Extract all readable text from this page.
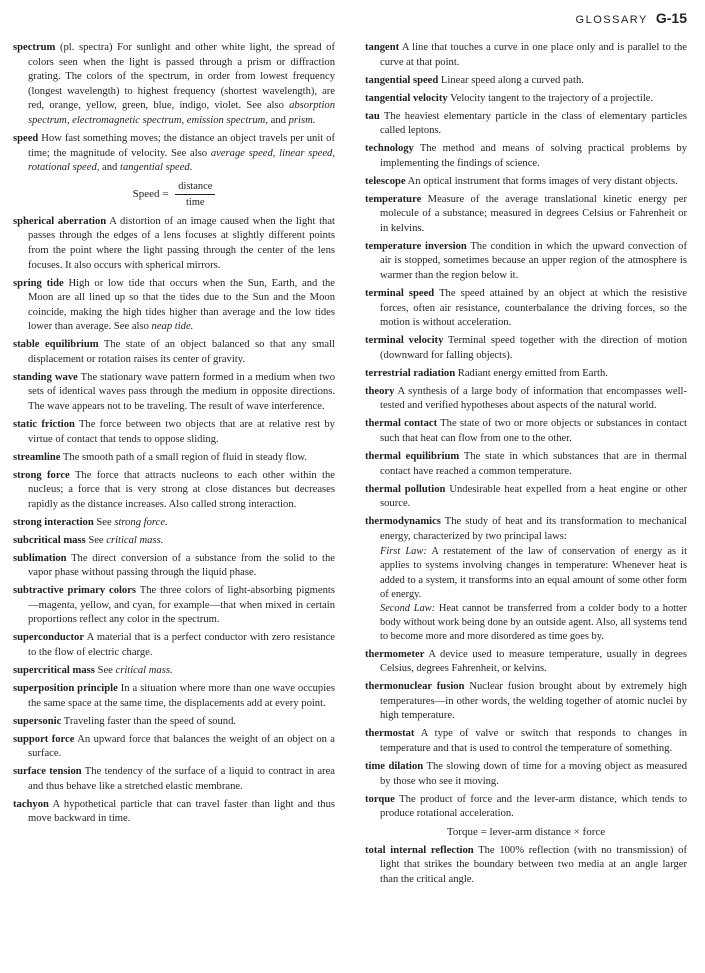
GLOSSARY G-15

spectrum (pl. spectra) For sunlight and other white light, the spread of colors seen when the light is passed through a prism or diffraction grating. The colors of the spectrum, in order from lowest frequency (longest wavelength) to highest frequency (shortest wavelength), are red, orange, yellow, green, blue, indigo, violet. See also absorption spectrum, electromagnetic spectrum, emission spectrum, and prism.

speed How fast something moves; the distance an object travels per unit of time; the magnitude of velocity. See also average speed, linear speed, rotational speed, and tangential speed.

Speed = $\frac{\text{distance}}{\text{time}}$

spherical aberration A distortion of an image caused when the light that passes through the edges of a lens focuses at slightly different points from the point where the light passing through the center of the lens focuses. It also occurs with spherical mirrors.

spring tide High or low tide that occurs when the Sun, Earth, and the Moon are all lined up so that the tides due to the Sun and the Moon coincide, making the high tides higher than average and the low tides lower than average. See also neap tide.

stable equilibrium The state of an object balanced so that any small displacement or rotation raises its center of gravity.

standing wave The stationary wave pattern formed in a medium when two sets of identical waves pass through the medium in opposite directions. The wave appears not to be traveling. The result of wave interference.

static friction The force between two objects that are at relative rest by virtue of contact that tends to oppose sliding.

streamline The smooth path of a small region of fluid in steady flow.

strong force The force that attracts nucleons to each other within the nucleus; a force that is very strong at close distances but decreases rapidly as the distance increases. Also called strong interaction.

strong interaction See strong force.

subcritical mass See critical mass.

sublimation The direct conversion of a substance from the solid to the vapor phase without passing through the liquid phase.

subtractive primary colors The three colors of light-absorbing pigments—magenta, yellow, and cyan, for example—that when mixed in certain proportions reflect any color in the spectrum.

superconductor A material that is a perfect conductor with zero resistance to the flow of electric charge.

supercritical mass See critical mass.

superposition principle In a situation where more than one wave occupies the same space at the same time, the displacements add at every point.

supersonic Traveling faster than the speed of sound.

support force An upward force that balances the weight of an object on a surface.

surface tension The tendency of the surface of a liquid to contract in area and thus behave like a stretched elastic membrane.

tachyon A hypothetical particle that can travel faster than light and thus move backward in time.

tangent A line that touches a curve in one place only and is parallel to the curve at that point.

tangential speed Linear speed along a curved path.

tangential velocity Velocity tangent to the trajectory of a projectile.

tau The heaviest elementary particle in the class of elementary particles called leptons.

technology The method and means of solving practical problems by implementing the findings of science.

telescope An optical instrument that forms images of very distant objects.

temperature Measure of the average translational kinetic energy per molecule of a substance; measured in degrees Celsius or Fahrenheit or in kelvins.

temperature inversion The condition in which the upward convection of air is stopped, sometimes because an upper region of the atmosphere is warmer than the region below it.

terminal speed The speed attained by an object at which the resistive forces, often air resistance, counterbalance the driving forces, so the motion is without acceleration.

terminal velocity Terminal speed together with the direction of motion (downward for falling objects).

terrestrial radiation Radiant energy emitted from Earth.

theory A synthesis of a large body of information that encompasses well-tested and verified hypotheses about aspects of the natural world.

thermal contact The state of two or more objects or substances in contact such that heat can flow from one to the other.

thermal equilibrium The state in which substances that are in thermal contact have reached a common temperature.

thermal pollution Undesirable heat expelled from a heat engine or other source.

thermodynamics The study of heat and its transformation to mechanical energy, characterized by two principal laws:

First Law: A restatement of the law of conservation of energy as it applies to systems involving changes in temperature: Whenever heat is added to a system, it transforms into an equal amount of some other form of energy.

Second Law: Heat cannot be transferred from a colder body to a hotter body without work being done by an outside agent. Also, all systems tend to become more and more disordered as time goes by.

thermometer A device used to measure temperature, usually in degrees Celsius, degrees Fahrenheit, or kelvins.

thermonuclear fusion Nuclear fusion brought about by extremely high temperatures—in other words, the welding together of atomic nuclei by high temperature.

thermostat A type of valve or switch that responds to changes in temperature and that is used to control the temperature of something.

time dilation The slowing down of time for a moving object as measured by those who see it moving.

torque The product of force and the lever-arm distance, which tends to produce rotational acceleration.

Torque = lever-arm distance × force

total internal reflection The 100% reflection (with no transmission) of light that strikes the boundary between two media at an angle larger than the critical angle.
